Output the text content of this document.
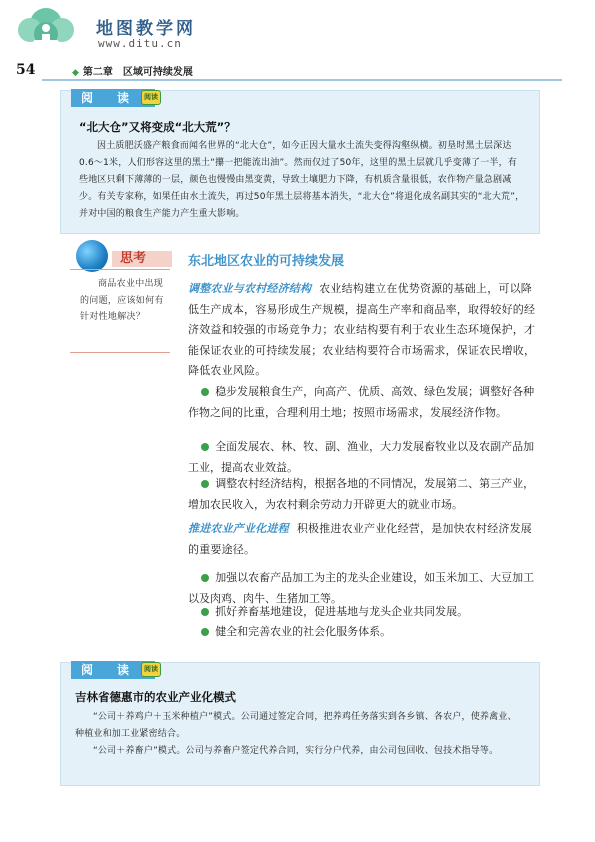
地图教学网
www.ditu.cn
54	◆ 第二章　区域可持续发展
阅　读	阅读
“北大仓”又将变成“北大荒”？

因土质肥沃盛产粮食而闻名世界的“北大仓”，如今正因大量水土流失变得沟壑纵横。初垦时黑土层深达0.6～1米，人们形容这里的黑土“攥一把能流出油”。然而仅过了50年，这里的黑土层就几乎变薄了一半，有些地区只剩下薄薄的一层，颜色也慢慢由黑变黄，导致土壤肥力下降，有机质含量很低，农作物产量急剧减少。有关专家称，如果任由水土流失，再过50年黑土层将基本消失，“北大仓”将退化成名副其实的“北大荒”，并对中国的粮食生产能力产生重大影响。

思考
商品农业中出现的问题，应该如何有针对性地解决？
东北地区农业的可持续发展
调整农业与农村经济结构 农业结构建立在优势资源的基础上，可以降低生产成本，容易形成生产规模，提高生产率和商品率，取得较好的经济效益和较强的市场竞争力；农业结构要有利于农业生态环境保护，才能保证农业的可持续发展；农业结构要符合市场需求，保证农民增收，降低农业风险。
稳步发展粮食生产，向高产、优质、高效、绿色发展；调整好各种作物之间的比重，合理利用土地；按照市场需求，发展经济作物。
全面发展农、林、牧、副、渔业，大力发展畜牧业以及农副产品加工业，提高农业效益。
调整农村经济结构，根据各地的不同情况，发展第二、第三产业，增加农民收入，为农村剩余劳动力开辟更大的就业市场。
推进农业产业化进程 积极推进农业产业化经营，是加快农村经济发展的重要途径。
加强以农畜产品加工为主的龙头企业建设，如玉米加工、大豆加工以及肉鸡、肉牛、生猪加工等。
抓好养畜基地建设，促进基地与龙头企业共同发展。
健全和完善农业的社会化服务体系。
阅　读	阅读
吉林省德惠市的农业产业化模式

“公司＋养鸡户＋玉米种植户”模式。公司通过签定合同，把养鸡任务落实到各乡镇、各农户，使养禽业、种植业和加工业紧密结合。

“公司＋养畜户”模式。公司与养畜户签定代养合同，实行分户代养，由公司包回收、包技术指导等。
